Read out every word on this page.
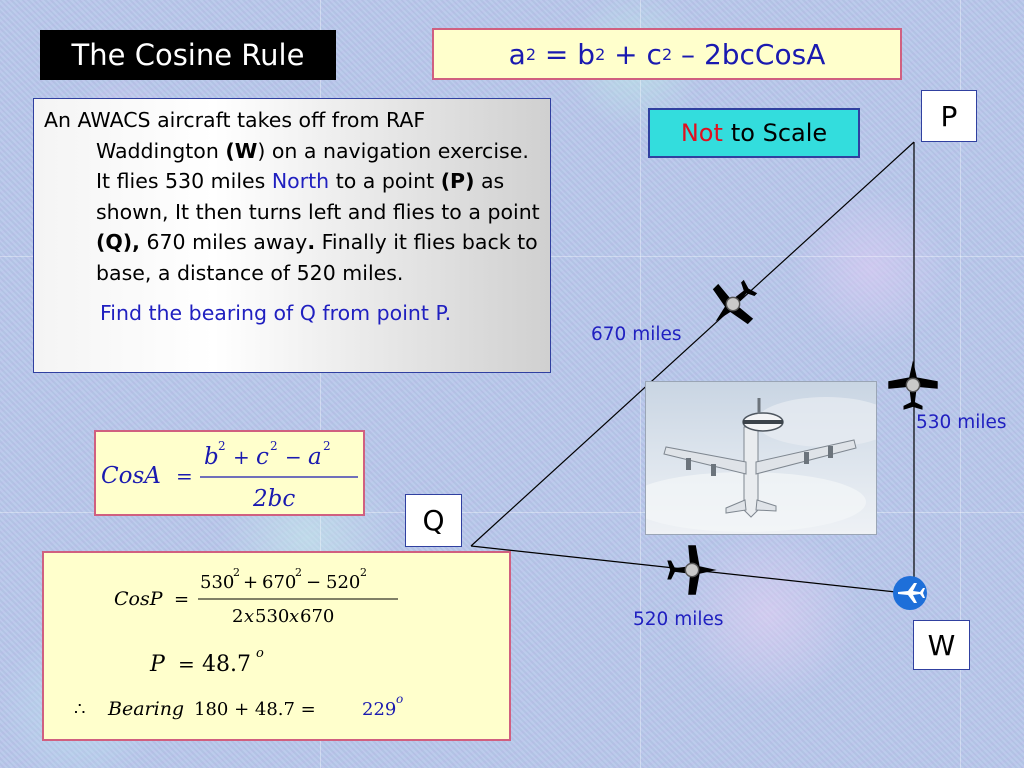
The Cosine Rule	a 2
=
b 2
+
c 2
–
2bcCosA
An AWACS aircraft takes off from RAF Waddington (W) on a navigation exercise. It flies 530 miles North to a point (P) as shown, It then turns left and flies to a point (Q), 670 miles away. Finally it flies back to base, a distance of 520 miles.
Find the bearing of Q from point P.
Not to Scale
P
Q
W
670 miles
530 miles
520 miles
CosA =
b 2 + c 2 − a 2
2bc
CosP =
530
2 + 670
2 − 520 2
2 x 530 x 670
P = 48.7 o
∴ Bearing 180 + 48.7 =	229 o
